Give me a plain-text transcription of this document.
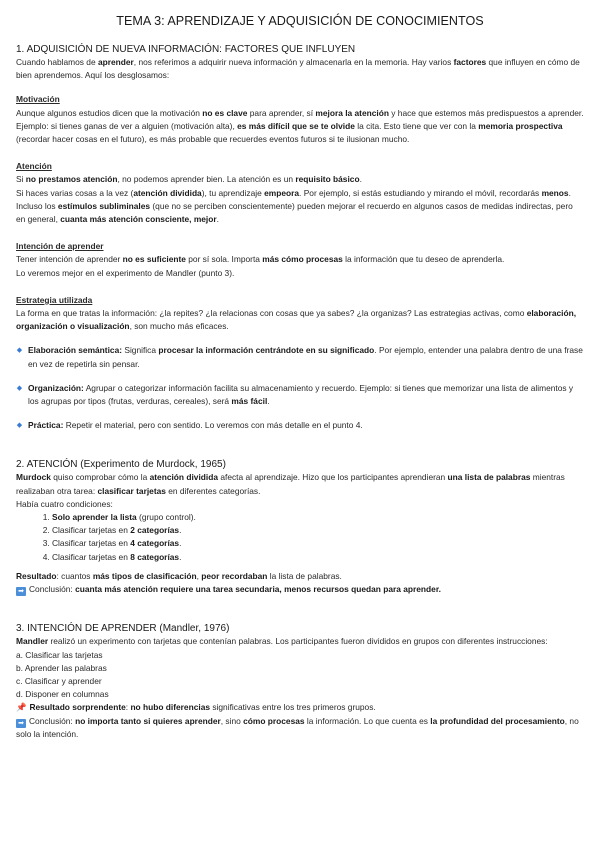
TEMA 3: APRENDIZAJE Y ADQUISICIÓN DE CONOCIMIENTOS
1. ADQUISICIÓN DE NUEVA INFORMACIÓN: FACTORES QUE INFLUYEN

Cuando hablamos de aprender, nos referimos a adquirir nueva información y almacenarla en la memoria. Hay varios factores que influyen en cómo de bien aprendemos. Aquí los desglosamos:

Motivación

Aunque algunos estudios dicen que la motivación no es clave para aprender, sí mejora la atención y hace que estemos más predispuestos a aprender.

Ejemplo: si tienes ganas de ver a alguien (motivación alta), es más difícil que se te olvide la cita. Esto tiene que ver con la memoria prospectiva (recordar hacer cosas en el futuro), es más probable que recuerdes eventos futuros si te ilusionan mucho.

Atención

Si no prestamos atención, no podemos aprender bien. La atención es un requisito básico.

Si haces varias cosas a la vez (atención dividida), tu aprendizaje empeora. Por ejemplo, si estás estudiando y mirando el móvil, recordarás menos.

Incluso los estímulos subliminales (que no se perciben conscientemente) pueden mejorar el recuerdo en algunos casos de medidas indirectas, pero en general, cuanta más atención consciente, mejor.

Intención de aprender

Tener intención de aprender no es suficiente por sí sola. Importa más cómo procesas la información que tu deseo de aprenderla.

Lo veremos mejor en el experimento de Mandler (punto 3).

Estrategia utilizada

La forma en que tratas la información: ¿la repites? ¿la relacionas con cosas que ya sabes? ¿la organizas? Las estrategias activas, como elaboración, organización o visualización, son mucho más eficaces.

◆ Elaboración semántica: Significa procesar la información centrándote en su significado. Por ejemplo, entender una palabra dentro de una frase en vez de repetirla sin pensar.

◆ Organización: Agrupar o categorizar información facilita su almacenamiento y recuerdo. Ejemplo: si tienes que memorizar una lista de alimentos y los agrupas por tipos (frutas, verduras, cereales), será más fácil.

◆ Práctica: Repetir el material, pero con sentido. Lo veremos con más detalle en el punto 4.

2. ATENCIÓN (Experimento de Murdock, 1965)

Murdock quiso comprobar cómo la atención dividida afecta al aprendizaje. Hizo que los participantes aprendieran una lista de palabras mientras realizaban otra tarea: clasificar tarjetas en diferentes categorías.

Había cuatro condiciones:

1. Solo aprender la lista (grupo control).
2. Clasificar tarjetas en 2 categorías.
3. Clasificar tarjetas en 4 categorías.
4. Clasificar tarjetas en 8 categorías.

Resultado: cuantos más tipos de clasificación, peor recordaban la lista de palabras.

➡ Conclusión: cuanta más atención requiere una tarea secundaria, menos recursos quedan para aprender.

3. INTENCIÓN DE APRENDER (Mandler, 1976)

Mandler realizó un experimento con tarjetas que contenían palabras. Los participantes fueron divididos en grupos con diferentes instrucciones:

a. Clasificar las tarjetas

b. Aprender las palabras

c. Clasificar y aprender

d. Disponer en columnas

📌 Resultado sorprendente: no hubo diferencias significativas entre los tres primeros grupos.

➡ Conclusión: no importa tanto si quieres aprender, sino cómo procesas la información. Lo que cuenta es la profundidad del procesamiento, no solo la intención.
